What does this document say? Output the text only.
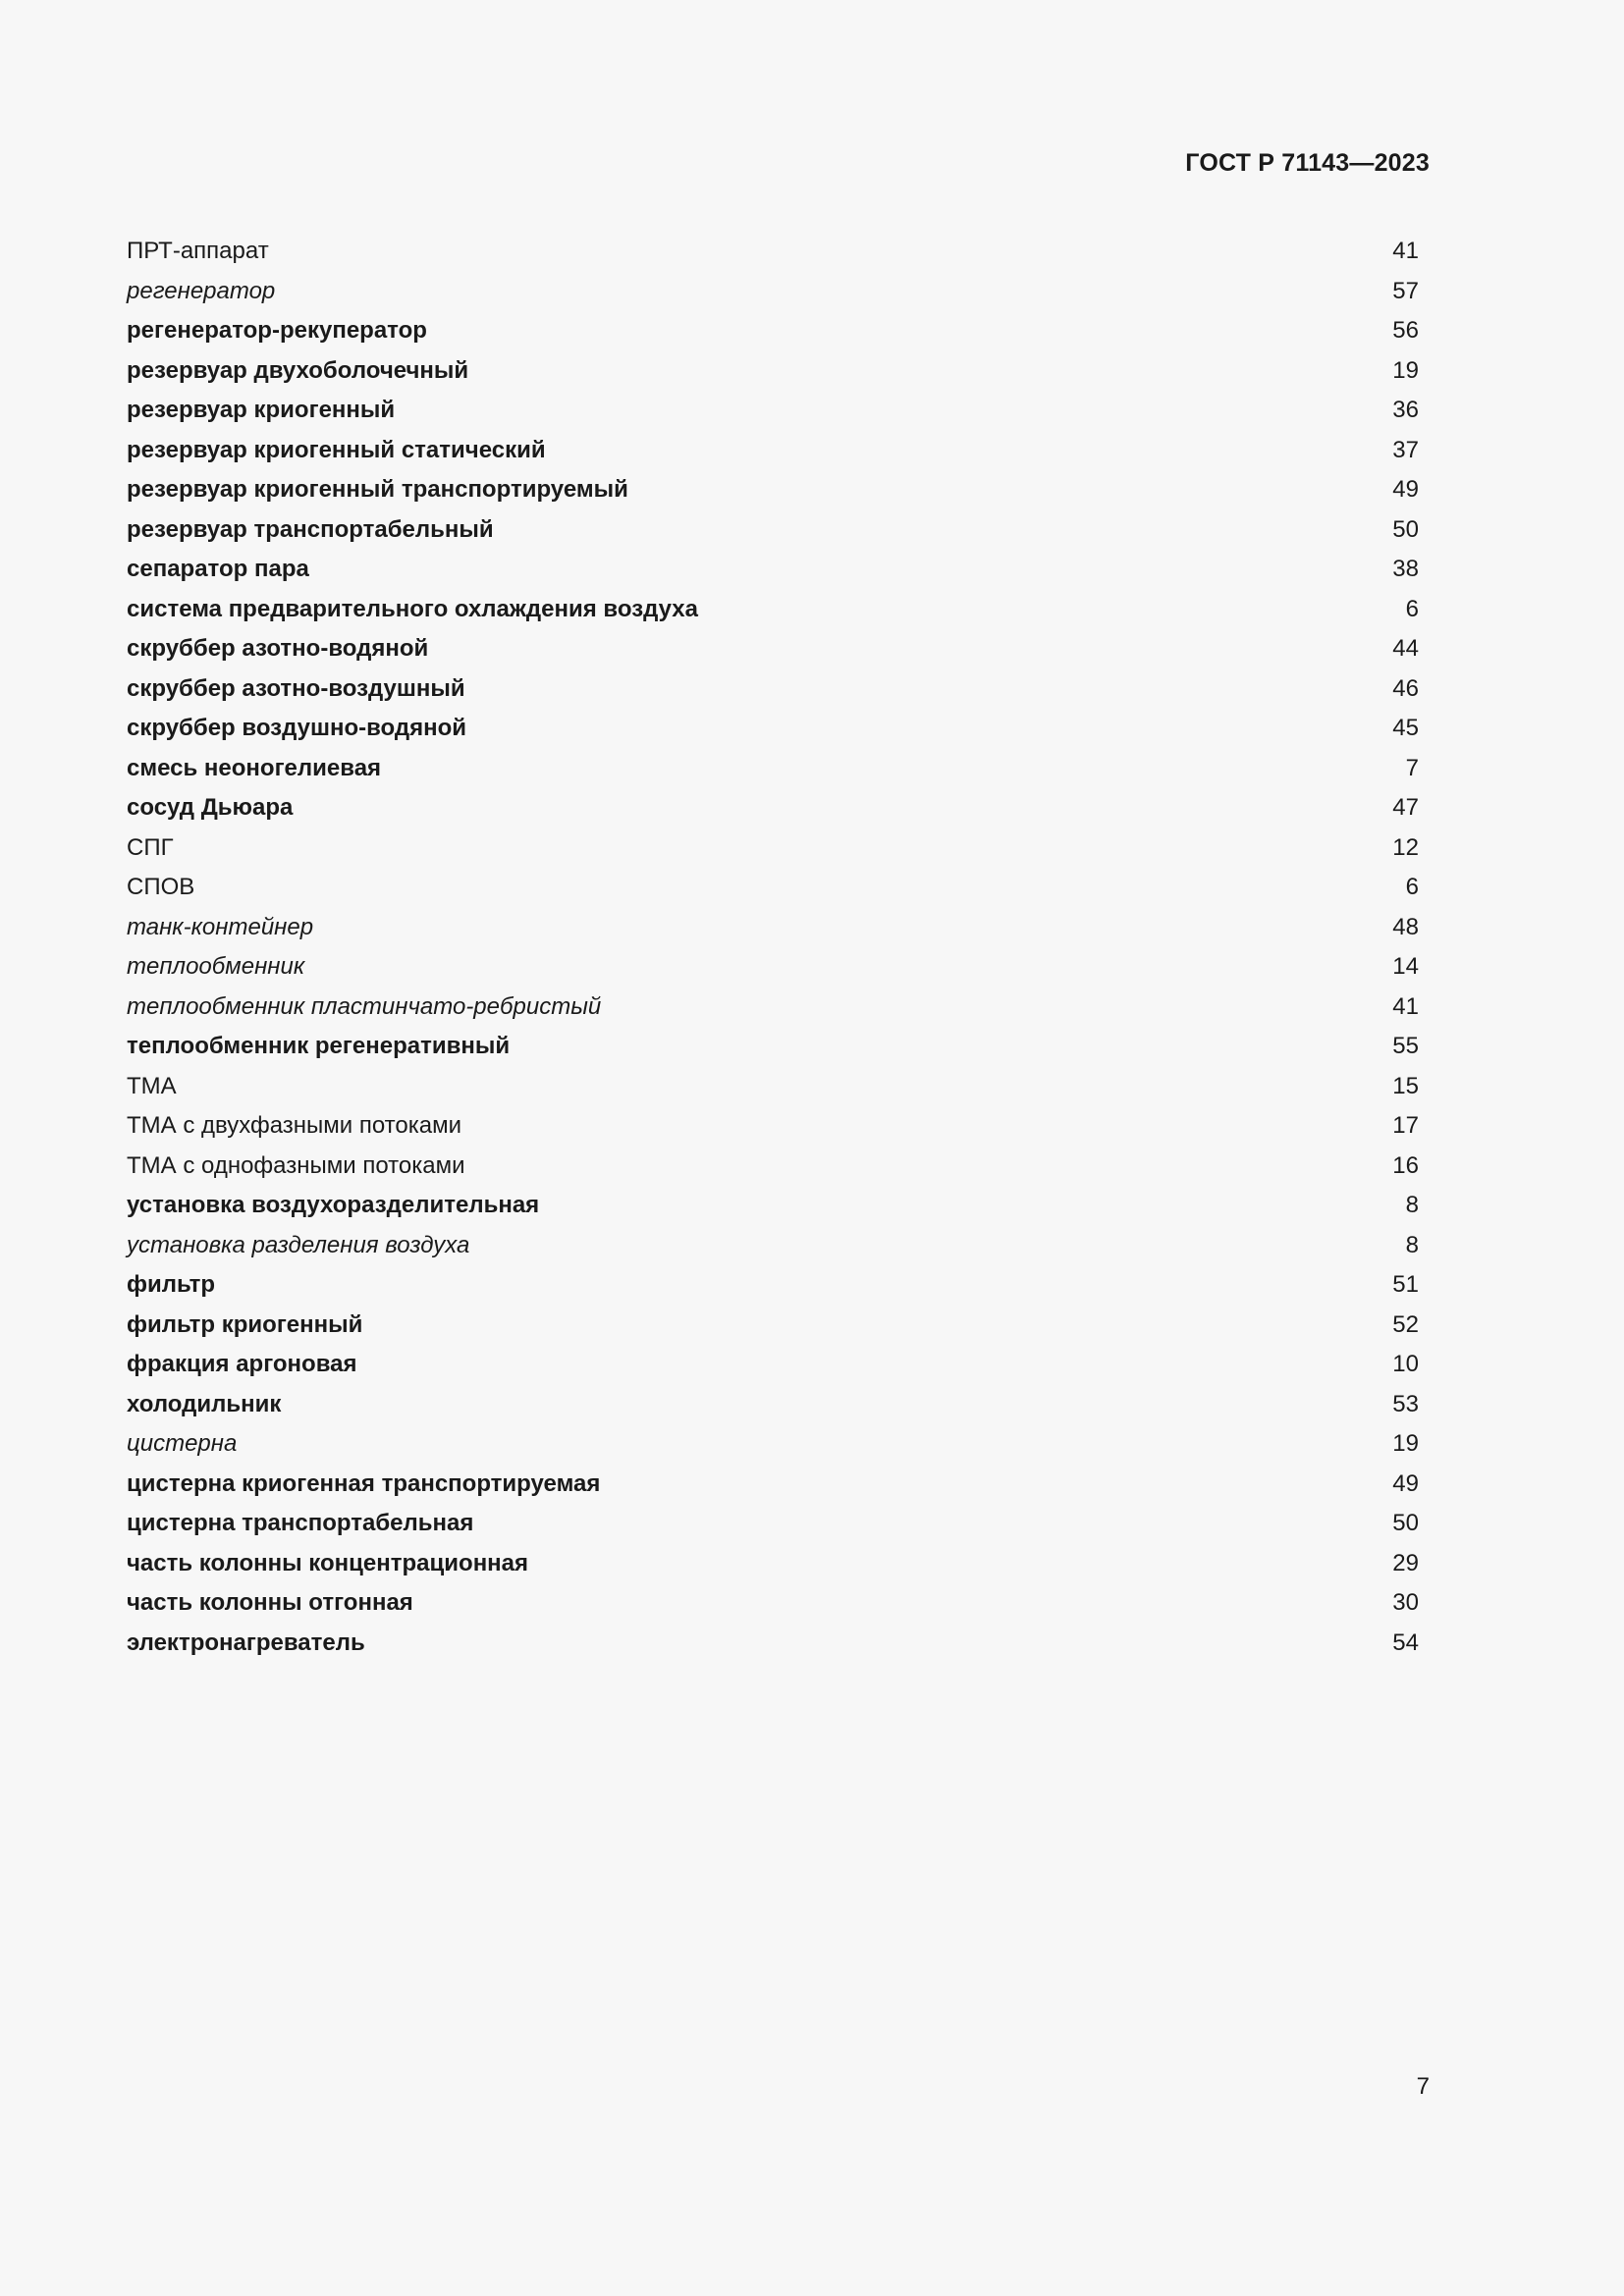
ГОСТ Р 71143—2023
ПРТ-аппарат	41
регенератор	57
регенератор-рекуператор	56
резервуар двухоболочечный	19
резервуар криогенный	36
резервуар криогенный статический	37
резервуар криогенный транспортируемый	49
резервуар транспортабельный	50
сепаратор пара	38
система предварительного охлаждения воздуха	6
скруббер азотно-водяной	44
скруббер азотно-воздушный	46
скруббер воздушно-водяной	45
смесь неоногелиевая	7
сосуд Дьюара	47
СПГ	12
СПОВ	6
танк-контейнер	48
теплообменник	14
теплообменник пластинчато-ребристый	41
теплообменник регенеративный	55
ТМА	15
ТМА с двухфазными потоками	17
ТМА с однофазными потоками	16
установка воздухоразделительная	8
установка разделения воздуха	8
фильтр	51
фильтр криогенный	52
фракция аргоновая	10
холодильник	53
цистерна	19
цистерна криогенная транспортируемая	49
цистерна транспортабельная	50
часть колонны концентрационная	29
часть колонны отгонная	30
электронагреватель	54
7
